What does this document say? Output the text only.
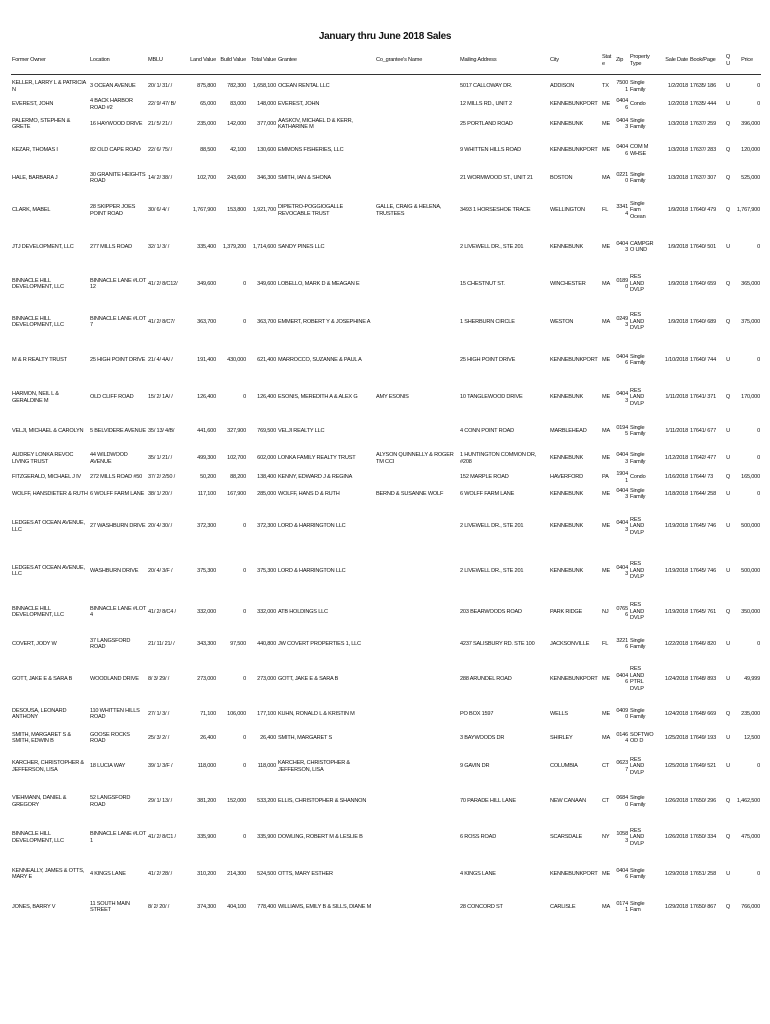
January thru June 2018 Sales
Former Owner	Location	MBLU	Land Value	Build Value	Total Value	Grantee	Co_grantee's Name	Mailing Address	City	State	Zip	Property Type	Sale Date	Book/Page	Q U	Price
KELLER, LARRY L & PATRICIA N	3 OCEAN AVENUE	20/ 1/ 31/ /	875,800	782,300	1,658,100	OCEAN RENTAL LLC		5017 CALLOWAY DR.	ADDISON	TX	75001	Single Family	1/2/2018	17635/ 186	U	0
EVEREST, JOHN	4 BACK HARBOR ROAD #2	22/ 9/ 47/ B/	65,000	83,000	148,000	EVEREST, JOHN		12 MILLS RD., UNIT 2	KENNEBUNKPORT	ME	04046	Condo	1/2/2018	17635/ 444	U	0
PALERMO, STEPHEN & GRETE	16 HAYWOOD DRIVE	21/ 5/ 21/ /	235,000	142,000	377,000	AASKOV, MICHAEL D & KERR, KATHARINE M		25 PORTLAND ROAD	KENNEBUNK	ME	04043	Single Family	1/3/2018	17637/ 259	Q	396,000
KEZAR, THOMAS I	82 OLD CAPE ROAD	22/ 6/ 75/ /	88,500	42,100	130,600	EMMONS FISHERIES, LLC		9 WHITTEN HILLS ROAD	KENNEBUNKPORT	ME	04046	COM M WHSE	1/3/2018	17637/ 283	Q	120,000
HALE, BARBARA J	30 GRANITE HEIGHTS ROAD	14/ 2/ 38/ /	102,700	243,600	346,300	SMITH, IAN & SHONA		21 WORMWOOD ST., UNIT 21	BOSTON	MA	02210	Single Family	1/3/2018	17637/ 307	Q	525,000
CLARK, MABEL	28 SKIPPER JOES POINT ROAD	30/ 6/ 4/ /	1,767,900	153,800	1,921,700	DIPIETRO-POGGIOGALLE REVOCABLE TRUST	GALLE, CRAIG & HELENA, TRUSTEES	3493 1 HORSESHOE TRACE	WELLINGTON	FL	33414	Single Fam Ocean	1/9/2018	17640/ 479	Q	1,767,900
JTJ DEVELOPMENT, LLC	277 MILLS ROAD	32/ 1/ 3/ /	335,400	1,379,200	1,714,600	SANDY PINES LLC		2 LIVEWELL DR., STE 201	KENNEBUNK	ME	04043	CAMPGRO UND	1/9/2018	17640/ 501	U	0
BINNACLE HILL DEVELOPMENT, LLC	BINNACLE LANE #LOT 12	41/ 2/ 8/C12/	349,600	0	349,600	LOBELLO, MARK D & MEAGAN E		15 CHESTNUT ST.	WINCHESTER	MA	01890	RES LAND DVLP	1/9/2018	17640/ 659	Q	365,000
BINNACLE HILL DEVELOPMENT, LLC	BINNACLE LANE #LOT 7	41/ 2/ 8/C7/	363,700	0	363,700	EMMERT, ROBERT Y & JOSEPHINE A		1 SHERBURN CIRCLE	WESTON	MA	02493	RES LAND DVLP	1/9/2018	17640/ 689	Q	375,000
M & R REALTY TRUST	25 HIGH POINT DRIVE	21/ 4/ 4A/ /	191,400	430,000	621,400	MARROCCO, SUZANNE & PAUL A		25 HIGH POINT DRIVE	KENNEBUNKPORT	ME	04046	Single Family	1/10/2018	17640/ 744	U	0
HARMON, NEIL L & GERALDINE M	OLD CLIFF ROAD	15/ 2/ 1A/ /	126,400	0	126,400	ESONIS, MEREDITH A & ALEX G	AMY ESONIS	10 TANGLEWOOD DRIVE	KENNEBUNK	ME	04043	RES LAND DVLP	1/11/2018	17641/ 371	Q	170,000
VELJI, MICHAEL & CAROLYN	5 BELVIDERE AVENUE	35/ 13/ 4/B/	441,600	327,900	769,500	VELJI REALTY LLC		4 CONN POINT ROAD	MARBLEHEAD	MA	01945	Single Family	1/11/2018	17641/ 677	U	0
AUDREY LONKA REVOC LIVING TRUST	44 WILDWOOD AVENUE	35/ 1/ 21/ /	499,300	102,700	602,000	LONKA FAMILY REALTY TRUST	ALYSON QUINNELLY & ROGER TM CCI	1 HUNTINGTON COMMON DR, #208	KENNEBUNK	ME	04043	Single Family	1/12/2018	17642/ 477	U	0
FITZGERALD, MICHAEL J IV	272 MILLS ROAD #50	37/ 2/ 2/50 /	50,200	88,200	138,400	KENNY, EDWARD J & REGINA		152 MARPLE ROAD	HAVERFORD	PA	19041	Condo	1/16/2018	17644/ 73	Q	165,000
WOLFF, HANSDIETER & RUTH	6 WOLFF FARM LANE	38/ 1/ 20/ /	117,100	167,900	285,000	WOLFF, HANS D & RUTH	BERND & SUSANNE WOLF	6 WOLFF FARM LANE	KENNEBUNK	ME	04043	Single Family	1/18/2018	17644/ 258	U	0
LEDGES AT OCEAN AVENUE, LLC	27 WASHBURN DRIVE	20/ 4/ 30/ /	372,300	0	372,300	LORD & HARRINGTON LLC		2 LIVEWELL DR., STE 201	KENNEBUNK	ME	04043	RES LAND DVLP	1/19/2018	17645/ 746	U	500,000
LEDGES AT OCEAN AVENUE, LLC	WASHBURN DRIVE	20/ 4/ 3/F /	375,300	0	375,300	LORD & HARRINGTON LLC		2 LIVEWELL DR., STE 201	KENNEBUNK	ME	04043	RES LAND DVLP	1/19/2018	17645/ 746	U	500,000
BINNACLE HILL DEVELOPMENT, LLC	BINNACLE LANE #LOT 4	41/ 2/ 8/C4 /	332,000	0	332,000	ATB HOLDINGS LLC		203 BEARWOODS ROAD	PARK RIDGE	NJ	07656	RES LAND DVLP	1/19/2018	17645/ 761	Q	350,000
COVERT, JODY W	37 LANGSFORD ROAD	21/ 11/ 21/ /	343,300	97,500	440,800	JW COVERT PROPERTIES 1, LLC		4237 SALISBURY RD. STE 100	JACKSONVILLE	FL	32216	Single Family	1/22/2018	17646/ 820	U	0
GOTT, JAKE E & SARA B	WOODLAND DRIVE	8/ 3/ 29/ /	273,000	0	273,000	GOTT, JAKE E & SARA B		288 ARUNDEL ROAD	KENNEBUNKPORT	ME	04046	RES LAND PTRL DVLP	1/24/2018	17648/ 893	U	49,999
DESOUSA, LEONARD ANTHONY	110 WHITTEN HILLS ROAD	27/ 1/ 3/ /	71,100	106,000	177,100	KUHN, RONALD L & KRISTIN M		PO BOX 1597	WELLS	ME	04090	Single Family	1/24/2018	17648/ 669	Q	235,000
SMITH, MARGARET S & SMITH, EDWIN B	GOOSE ROCKS ROAD	25/ 3/ 2/ /	26,400	0	26,400	SMITH, MARGARET S		3 BAYWOODS DR	SHIRLEY	MA	01464	SOFTWOOD D	1/25/2018	17649/ 193	U	12,500
KARCHER, CHRISTOPHER & JEFFERSON, LISA	18 LUCIA WAY	39/ 1/ 3/F /	118,000	0	118,000	KARCHER, CHRISTOPHER & JEFFERSON, LISA		9 GAVIN DR	COLUMBIA	CT	06237	RES LAND DVLP	1/25/2018	17649/ 521	U	0
VIEHMANN, DANIEL & GREGORY	52 LANGSFORD ROAD	29/ 1/ 13/ /	381,200	152,000	533,200	ELLIS, CHRISTOPHER & SHANNON		70 PARADE HILL LANE	NEW CANAAN	CT	06840	Single Family	1/26/2018	17650/ 296	Q	1,462,500
BINNACLE HILL DEVELOPMENT, LLC	BINNACLE LANE #LOT 1	41/ 2/ 8/C1 /	335,900	0	335,900	DOWLING, ROBERT M & LESLIE B		6 ROSS ROAD	SCARSDALE	NY	10583	RES LAND DVLP	1/26/2018	17650/ 334	Q	475,000
KENNEALLY, JAMES & OTTS, MARY E	4 KINGS LANE	41/ 2/ 28/ /	310,200	214,300	524,500	OTTS, MARY ESTHER		4 KINGS LANE	KENNEBUNKPORT	ME	04046	Single Family	1/29/2018	17651/ 258	U	0
JONES, BARRY V	11 SOUTH MAIN STREET	8/ 2/ 20/ /	374,300	404,100	778,400	WILLIAMS, EMILY B & SILLS, DIANE M		28 CONCORD ST	CARLISLE	MA	01741	Single Fam	1/29/2018	17650/ 867	Q	766,000
